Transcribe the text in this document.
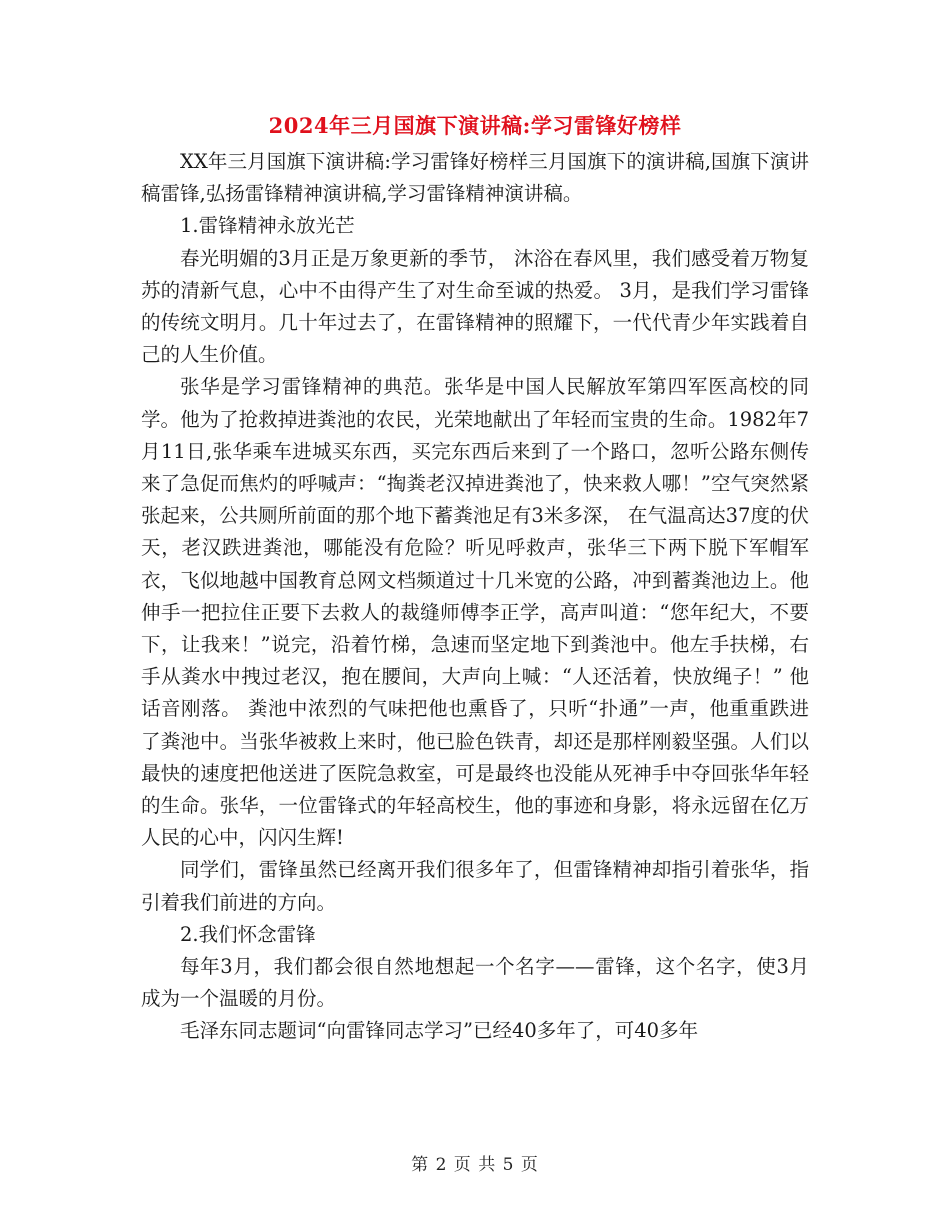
2024年三月国旗下演讲稿:学习雷锋好榜样

XX年三月国旗下演讲稿:学习雷锋好榜样三月国旗下的演讲稿,国旗下演讲稿雷锋,弘扬雷锋精神演讲稿,学习雷锋精神演讲稿。

1.雷锋精神永放光芒

春光明媚的3月正是万象更新的季节， 沐浴在春风里，我们感受着万物复苏的清新气息，心中不由得产生了对生命至诚的热爱。 3月，是我们学习雷锋的传统文明月。几十年过去了，在雷锋精神的照耀下，一代代青少年实践着自己的人生价值。

张华是学习雷锋精神的典范。张华是中国人民解放军第四军医高校的同学。他为了抢救掉进粪池的农民，光荣地献出了年轻而宝贵的生命。1982年7月11日,张华乘车进城买东西，买完东西后来到了一个路口，忽听公路东侧传来了急促而焦灼的呼喊声：“掏粪老汉掉进粪池了，快来救人哪！”空气突然紧张起来，公共厕所前面的那个地下蓄粪池足有3米多深， 在气温高达37度的伏天，老汉跌进粪池，哪能没有危险？听见呼救声，张华三下两下脱下军帽军衣，飞似地越中国教育总网文档频道过十几米宽的公路，冲到蓄粪池边上。他伸手一把拉住正要下去救人的裁缝师傅李正学，高声叫道：“您年纪大，不要下，让我来！”说完，沿着竹梯，急速而坚定地下到粪池中。他左手扶梯，右手从粪水中拽过老汉，抱在腰间，大声向上喊：“人还活着，快放绳子！” 他话音刚落。 粪池中浓烈的气味把他也熏昏了，只听“扑通”一声，他重重跌进了粪池中。当张华被救上来时，他已脸色铁青，却还是那样刚毅坚强。人们以最快的速度把他送进了医院急救室，可是最终也没能从死神手中夺回张华年轻的生命。张华，一位雷锋式的年轻高校生，他的事迹和身影，将永远留在亿万人民的心中，闪闪生辉!

同学们，雷锋虽然已经离开我们很多年了，但雷锋精神却指引着张华，指引着我们前进的方向。

2.我们怀念雷锋

每年3月，我们都会很自然地想起一个名字——雷锋，这个名字，使3月成为一个温暖的月份。

毛泽东同志题词“向雷锋同志学习”已经40多年了，可40多年

第 2 页 共 5 页
